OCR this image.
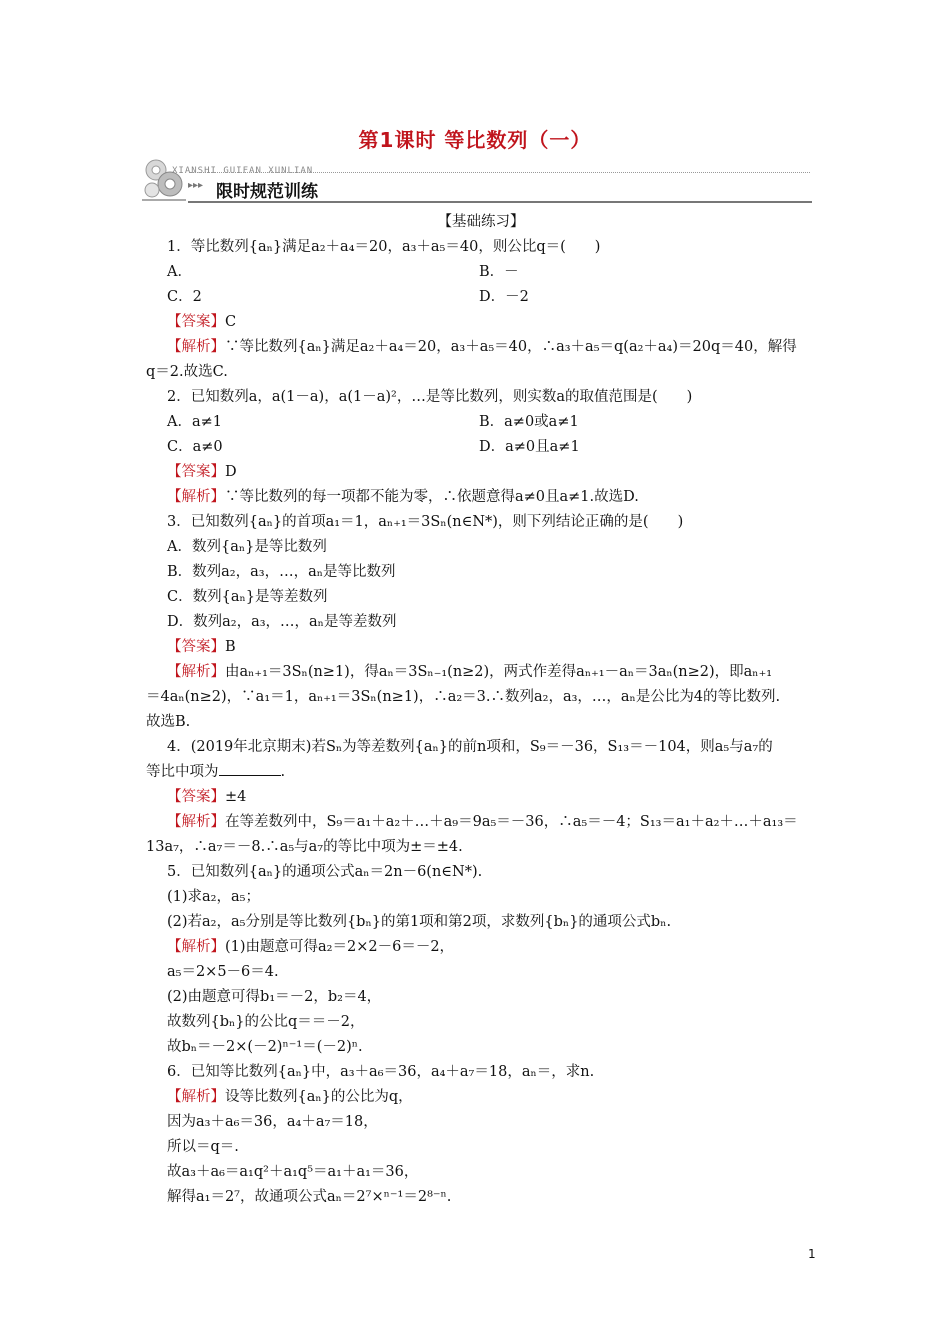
第1课时 等比数列（一）
XIANSHI GUIFAN XUNLIAN
▸▸▸ 限时规范训练

【基础练习】

1．等比数列{aₙ}满足a₂＋a₄＝20，a₃＋a₅＝40，则公比q＝(　　)

A．	B．－
C．2	D．－2

【答案】C

【解析】∵等比数列{aₙ}满足a₂＋a₄＝20，a₃＋a₅＝40，∴a₃＋a₅＝q(a₂＋a₄)＝20q＝40，解得

q＝2.故选C.

2．已知数列a，a(1－a)，a(1－a)²，…是等比数列，则实数a的取值范围是(　　)

A．a≠1	B．a≠0或a≠1
C．a≠0	D．a≠0且a≠1

【答案】D

【解析】∵等比数列的每一项都不能为零，∴依题意得a≠0且a≠1.故选D.

3．已知数列{aₙ}的首项a₁＝1，aₙ₊₁＝3Sₙ(n∈N*)，则下列结论正确的是(　　)

A．数列{aₙ}是等比数列

B．数列a₂，a₃，…，aₙ是等比数列

C．数列{aₙ}是等差数列

D．数列a₂，a₃，…，aₙ是等差数列

【答案】B

【解析】由aₙ₊₁＝3Sₙ(n≥1)，得aₙ＝3Sₙ₋₁(n≥2)，两式作差得aₙ₊₁－aₙ＝3aₙ(n≥2)，即aₙ₊₁

＝4aₙ(n≥2)，∵a₁＝1，aₙ₊₁＝3Sₙ(n≥1)，∴a₂＝3.∴数列a₂，a₃，…，aₙ是公比为4的等比数列.

故选B.

4．(2019年北京期末)若Sₙ为等差数列{aₙ}的前n项和，S₉＝－36，S₁₃＝－104，则a₅与a₇的

等比中项为	.

【答案】±4

【解析】在等差数列中，S₉＝a₁＋a₂＋…＋a₉＝9a₅＝－36，∴a₅＝－4；S₁₃＝a₁＋a₂＋…＋a₁₃＝

13a₇，∴a₇＝－8.∴a₅与a₇的等比中项为±＝±4.

5．已知数列{aₙ}的通项公式aₙ＝2n－6(n∈N*).

(1)求a₂，a₅；

(2)若a₂，a₅分别是等比数列{bₙ}的第1项和第2项，求数列{bₙ}的通项公式bₙ.

【解析】(1)由题意可得a₂＝2×2－6＝－2，

a₅＝2×5－6＝4.

(2)由题意可得b₁＝－2，b₂＝4，

故数列{bₙ}的公比q＝＝－2，

故bₙ＝－2×(－2)ⁿ⁻¹＝(－2)ⁿ.

6．已知等比数列{aₙ}中，a₃＋a₆＝36，a₄＋a₇＝18，aₙ＝，求n.

【解析】设等比数列{aₙ}的公比为q，

因为a₃＋a₆＝36，a₄＋a₇＝18，

所以＝q＝.

故a₃＋a₆＝a₁q²＋a₁q⁵＝a₁＋a₁＝36，

解得a₁＝2⁷，故通项公式aₙ＝2⁷×ⁿ⁻¹＝2⁸⁻ⁿ.

1
